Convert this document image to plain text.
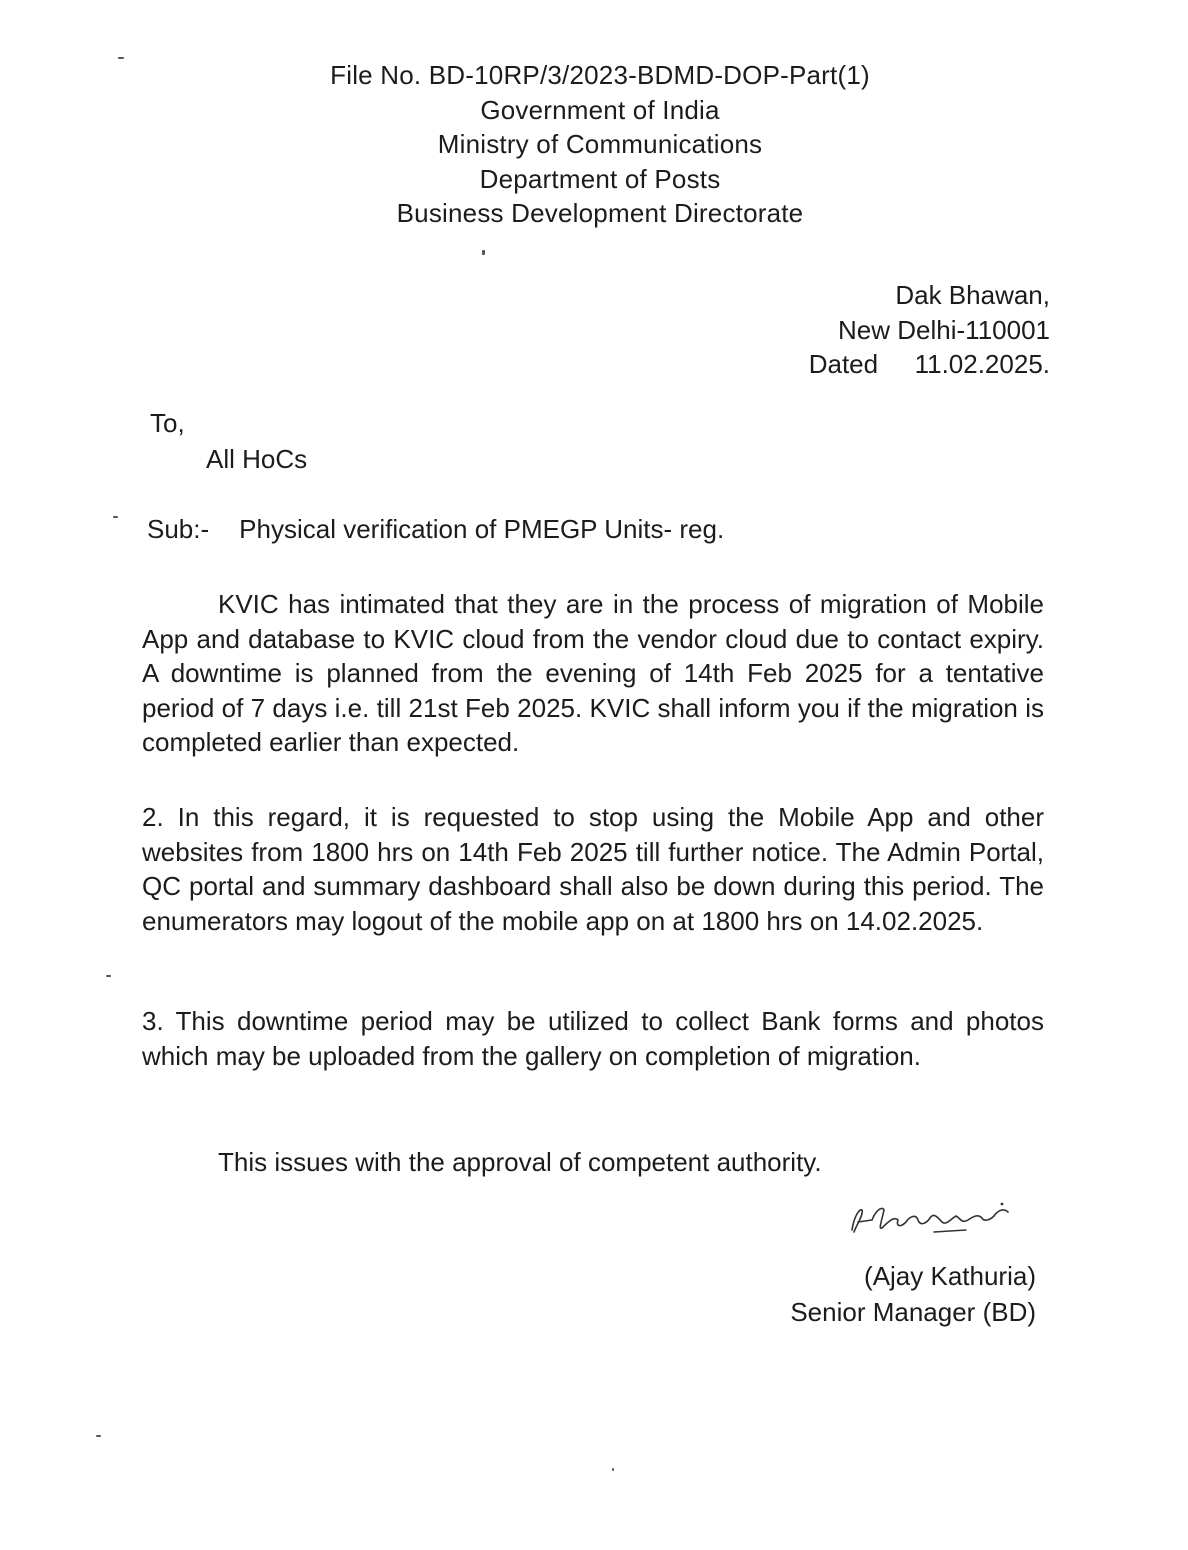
File No. BD-10RP/3/2023-BDMD-DOP-Part(1)
Government of India
Ministry of Communications
Department of Posts
Business Development Directorate
Dak Bhawan,
New Delhi-110001
Dated 11.02.2025.
To,
All HoCs
Sub:- Physical verification of PMEGP Units- reg.
KVIC has intimated that they are in the process of migration of Mobile App and database to KVIC cloud from the vendor cloud due to contact expiry. A downtime is planned from the evening of 14th Feb 2025 for a tentative period of 7 days i.e. till 21st Feb 2025. KVIC shall inform you if the migration is completed earlier than expected.
2. In this regard, it is requested to stop using the Mobile App and other websites from 1800 hrs on 14th Feb 2025 till further notice. The Admin Portal, QC portal and summary dashboard shall also be down during this period. The enumerators may logout of the mobile app on at 1800 hrs on 14.02.2025.
3. This downtime period may be utilized to collect Bank forms and photos which may be uploaded from the gallery on completion of migration.
This issues with the approval of competent authority.
(Ajay Kathuria)
Senior Manager (BD)
